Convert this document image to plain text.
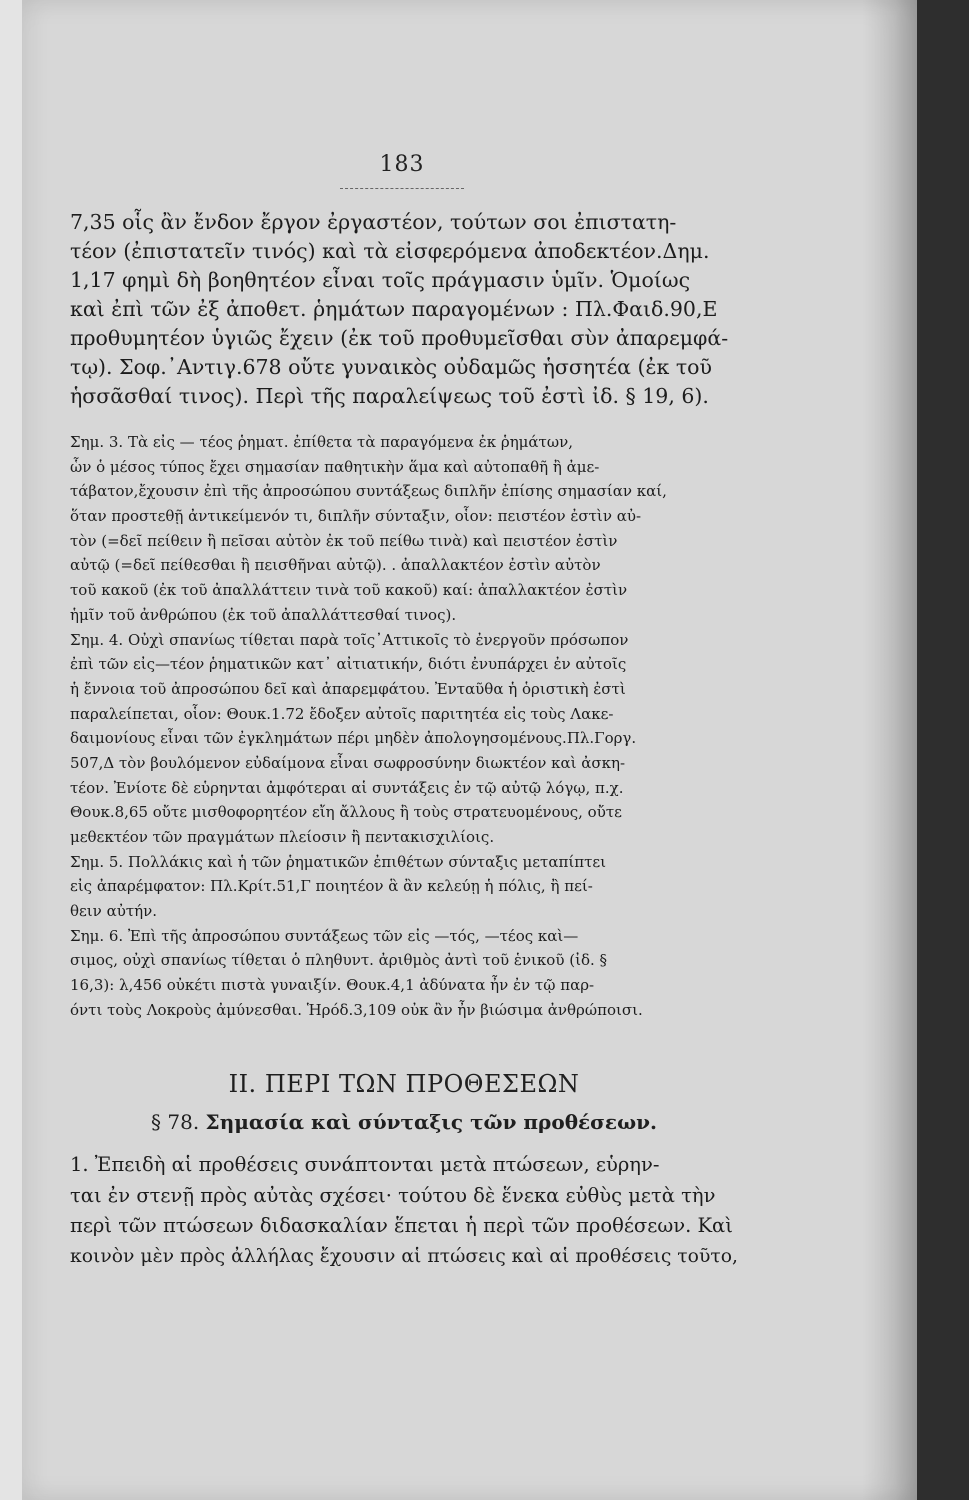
183
7,35 οἷς ἂν ἔνδον ἔργον ἐργαστέον, τούτων σοι ἐπιστατη-
τέον (ἐπιστατεῖν τινός) καὶ τὰ εἰσφερόμενα ἀποδεκτέον.Δημ.
1,17 φημὶ δὴ βοηθητέον εἶναι τοῖς πράγμασιν ὑμῖν. Ὁμοίως
καὶ ἐπὶ τῶν ἐξ ἀποθετ. ῥημάτων παραγομένων : Πλ.Φαιδ.90,Ε
προθυμητέον ὑγιῶς ἔχειν (ἐκ τοῦ προθυμεῖσθαι σὺν ἀπαρεμφά-
τῳ). Σοφ.᾿Αντιγ.678 οὔτε γυναικὸς οὐδαμῶς ἡσσητέα (ἐκ τοῦ
ἡσσᾶσθαί τινος). Περὶ τῆς παραλείψεως τοῦ ἐστὶ ἰδ. § 19, 6).
Σημ. 3. Τὰ εἰς — τέος ῥηματ. ἐπίθετα τὰ παραγόμενα ἐκ ῥημάτων,
ὧν ὁ μέσος τύπος ἔχει σημασίαν παθητικὴν ἅμα καὶ αὐτοπαθῆ ἢ ἀμε-
τάβατον,ἔχουσιν ἐπὶ τῆς ἀπροσώπου συντάξεως διπλῆν ἐπίσης σημασίαν καί,
ὅταν προστεθῇ ἀντικείμενόν τι, διπλῆν σύνταξιν, οἷον: πειστέον ἐστὶν αὐ-
τὸν (=δεῖ πείθειν ἢ πεῖσαι αὐτὸν ἐκ τοῦ πείθω τινὰ) καὶ πειστέον ἐστὶν
αὐτῷ (=δεῖ πείθεσθαι ἢ πεισθῆναι αὐτῷ). . ἀπαλλακτέον ἐστὶν αὐτὸν
τοῦ κακοῦ (ἐκ τοῦ ἀπαλλάττειν τινὰ τοῦ κακοῦ) καί: ἀπαλλακτέον ἐστὶν
ἡμῖν τοῦ ἀνθρώπου (ἐκ τοῦ ἀπαλλάττεσθαί τινος).
Σημ. 4. Οὐχὶ σπανίως τίθεται παρὰ τοῖς᾿Αττικοῖς τὸ ἐνεργοῦν πρόσωπον
ἐπὶ τῶν εἰς—τέον ῥηματικῶν κατ᾿ αἰτιατικήν, διότι ἐνυπάρχει ἐν αὐτοῖς
ἡ ἔννοια τοῦ ἀπροσώπου δεῖ καὶ ἀπαρεμφάτου. Ἐνταῦθα ἡ ὁριστικὴ ἐστὶ
παραλείπεται, οἷον: Θουκ.1.72 ἔδοξεν αὐτοῖς παριτητέα εἰς τοὺς Λακε-
δαιμονίους εἶναι τῶν ἐγκλημάτων πέρι μηδὲν ἀπολογησομένους.Πλ.Γοργ.
507,Δ τὸν βουλόμενον εὐδαίμονα εἶναι σωφροσύνην διωκτέον καὶ ἀσκη-
τέον. Ἐνίοτε δὲ εὑρηνται ἀμφότεραι αἱ συντάξεις ἐν τῷ αὐτῷ λόγῳ, π.χ.
Θουκ.8,65 οὔτε μισθοφορητέον εἴη ἄλλους ἢ τοὺς στρατευομένους, οὔτε
μεθεκτέον τῶν πραγμάτων πλείοσιν ἢ πεντακισχιλίοις.
Σημ. 5. Πολλάκις καὶ ἡ τῶν ῥηματικῶν ἐπιθέτων σύνταξις μεταπίπτει
εἰς ἀπαρέμφατον: Πλ.Κρίτ.51,Γ ποιητέον ἃ ἂν κελεύῃ ἡ πόλις, ἢ πεί-
θειν αὐτήν.
Σημ. 6. Ἐπὶ τῆς ἀπροσώπου συντάξεως τῶν εἰς —τός, —τέος καὶ—
σιμος, οὐχὶ σπανίως τίθεται ὁ πληθυντ. ἀριθμὸς ἀντὶ τοῦ ἑνικοῦ (ἰδ. §
16,3): λ,456 οὐκέτι πιστὰ γυναιξίν. Θουκ.4,1 ἀδύνατα ἦν ἐν τῷ παρ-
όντι τοὺς Λοκροὺς ἀμύνεσθαι. Ἡρόδ.3,109 οὐκ ἂν ἦν βιώσιμα ἀνθρώποισι.
II. ΠΕΡΙ ΤΩΝ ΠΡΟΘΕΣΕΩΝ
§ 78. Σημασία καὶ σύνταξις τῶν προθέσεων.
1. Ἐπειδὴ αἱ προθέσεις συνάπτονται μετὰ πτώσεων, εὑρην-
ται ἐν στενῇ πρὸς αὐτὰς σχέσει· τούτου δὲ ἕνεκα εὐθὺς μετὰ τὴν
περὶ τῶν πτώσεων διδασκαλίαν ἕπεται ἡ περὶ τῶν προθέσεων. Καὶ
κοινὸν μὲν πρὸς ἀλλήλας ἔχουσιν αἱ πτώσεις καὶ αἱ προθέσεις τοῦτο,
